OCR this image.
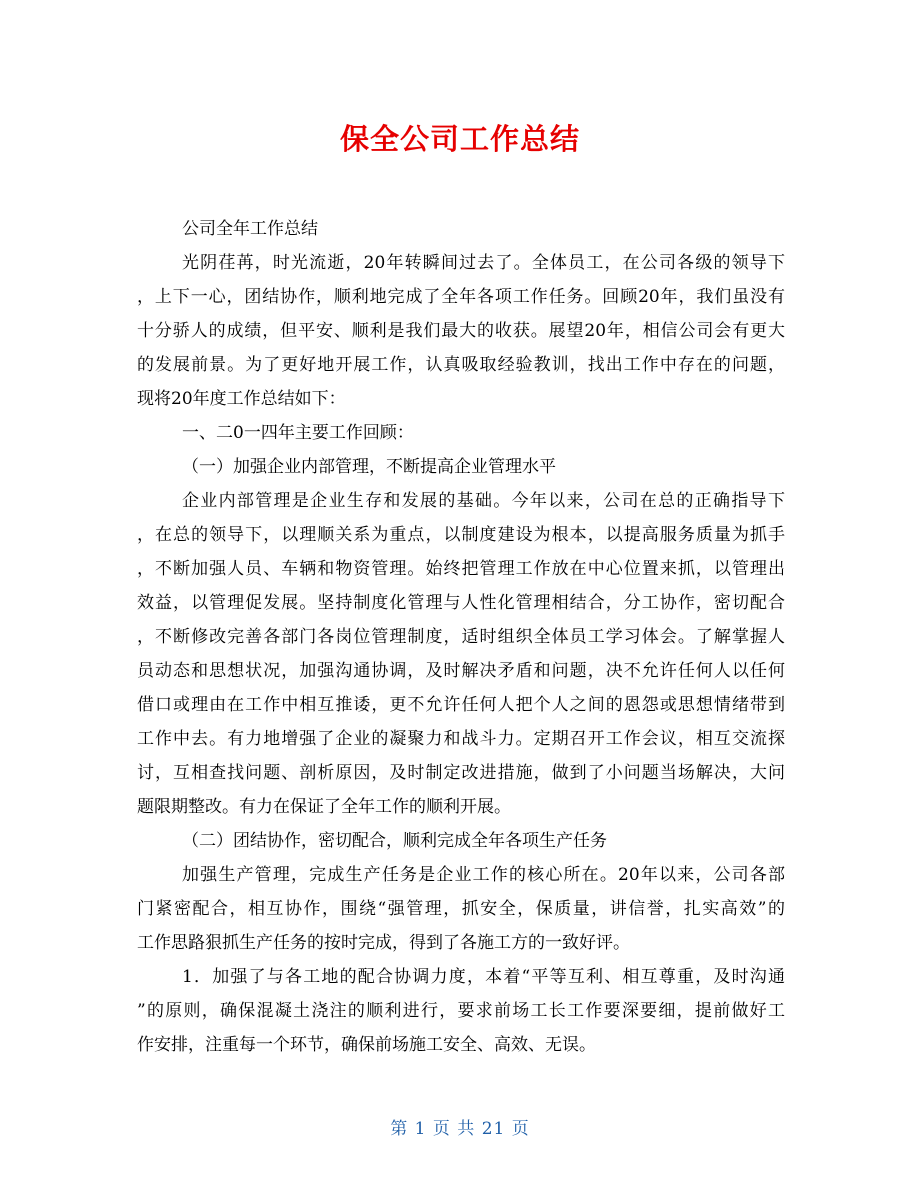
保全公司工作总结

公司全年工作总结

光阴荏苒，时光流逝，20年转瞬间过去了。全体员工，在公司各级的领导下
，上下一心，团结协作，顺利地完成了全年各项工作任务。回顾20年，我们虽没有
十分骄人的成绩，但平安、顺利是我们最大的收获。展望20年，相信公司会有更大
的发展前景。为了更好地开展工作，认真吸取经验教训，找出工作中存在的问题，
现将20年度工作总结如下：

一、二0一四年主要工作回顾：

（一）加强企业内部管理，不断提高企业管理水平

企业内部管理是企业生存和发展的基础。今年以来，公司在总的正确指导下
，在总的领导下，以理顺关系为重点，以制度建设为根本，以提高服务质量为抓手
，不断加强人员、车辆和物资管理。始终把管理工作放在中心位置来抓，以管理出
效益，以管理促发展。坚持制度化管理与人性化管理相结合，分工协作，密切配合
，不断修改完善各部门各岗位管理制度，适时组织全体员工学习体会。了解掌握人
员动态和思想状况，加强沟通协调，及时解决矛盾和问题，决不允许任何人以任何
借口或理由在工作中相互推诿，更不允许任何人把个人之间的恩怨或思想情绪带到
工作中去。有力地增强了企业的凝聚力和战斗力。定期召开工作会议，相互交流探
讨，互相查找问题、剖析原因，及时制定改进措施，做到了小问题当场解决，大问
题限期整改。有力在保证了全年工作的顺利开展。

（二）团结协作，密切配合，顺利完成全年各项生产任务

加强生产管理，完成生产任务是企业工作的核心所在。20年以来，公司各部
门紧密配合，相互协作，围绕“强管理，抓安全，保质量，讲信誉，扎实高效”的
工作思路狠抓生产任务的按时完成，得到了各施工方的一致好评。

1．加强了与各工地的配合协调力度，本着“平等互利、相互尊重，及时沟通
”的原则，确保混凝土浇注的顺利进行，要求前场工长工作要深要细，提前做好工
作安排，注重每一个环节，确保前场施工安全、高效、无误。

第 1 页 共 21 页
